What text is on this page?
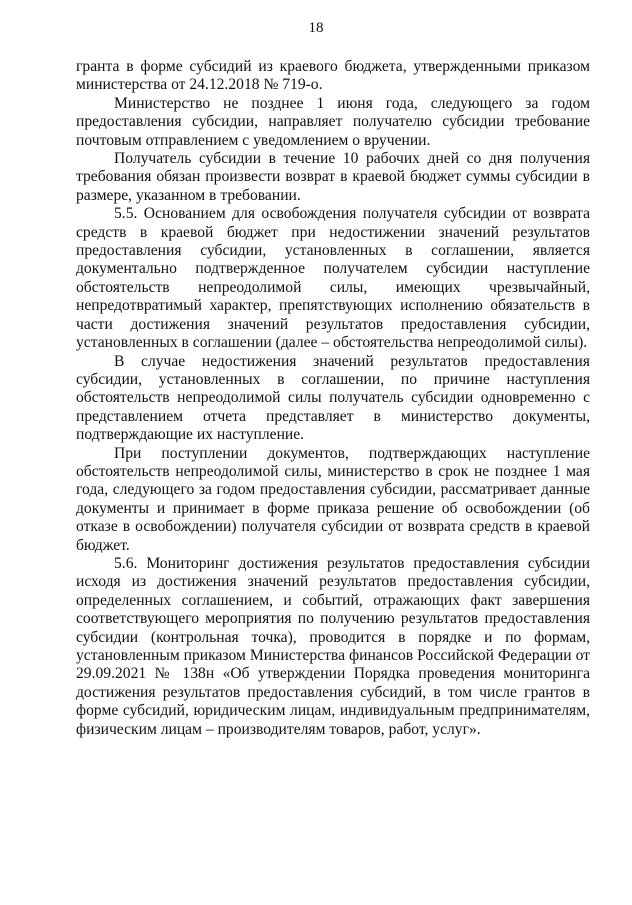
18

гранта в форме субсидий из краевого бюджета, утвержденными приказом министерства от 24.12.2018 № 719-о.

Министерство не позднее 1 июня года, следующего за годом предоставления субсидии, направляет получателю субсидии требование почтовым отправлением с уведомлением о вручении.

Получатель субсидии в течение 10 рабочих дней со дня получения требования обязан произвести возврат в краевой бюджет суммы субсидии в размере, указанном в требовании.

5.5. Основанием для освобождения получателя субсидии от возврата средств в краевой бюджет при недостижении значений результатов предоставления субсидии, установленных в соглашении, является документально подтвержденное получателем субсидии наступление обстоятельств непреодолимой силы, имеющих чрезвычайный, непредотвратимый характер, препятствующих исполнению обязательств в части достижения значений результатов предоставления субсидии, установленных в соглашении (далее – обстоятельства непреодолимой силы).

В случае недостижения значений результатов предоставления субсидии, установленных в соглашении, по причине наступления обстоятельств непреодолимой силы получатель субсидии одновременно с представлением отчета представляет в министерство документы, подтверждающие их наступление.

При поступлении документов, подтверждающих наступление обстоятельств непреодолимой силы, министерство в срок не позднее 1 мая года, следующего за годом предоставления субсидии, рассматривает данные документы и принимает в форме приказа решение об освобождении (об отказе в освобождении) получателя субсидии от возврата средств в краевой бюджет.

5.6. Мониторинг достижения результатов предоставления субсидии исходя из достижения значений результатов предоставления субсидии, определенных соглашением, и событий, отражающих факт завершения соответствующего мероприятия по получению результатов предоставления субсидии (контрольная точка), проводится в порядке и по формам, установленным приказом Министерства финансов Российской Федерации от 29.09.2021 № 138н «Об утверждении Порядка проведения мониторинга достижения результатов предоставления субсидий, в том числе грантов в форме субсидий, юридическим лицам, индивидуальным предпринимателям, физическим лицам – производителям товаров, работ, услуг».
